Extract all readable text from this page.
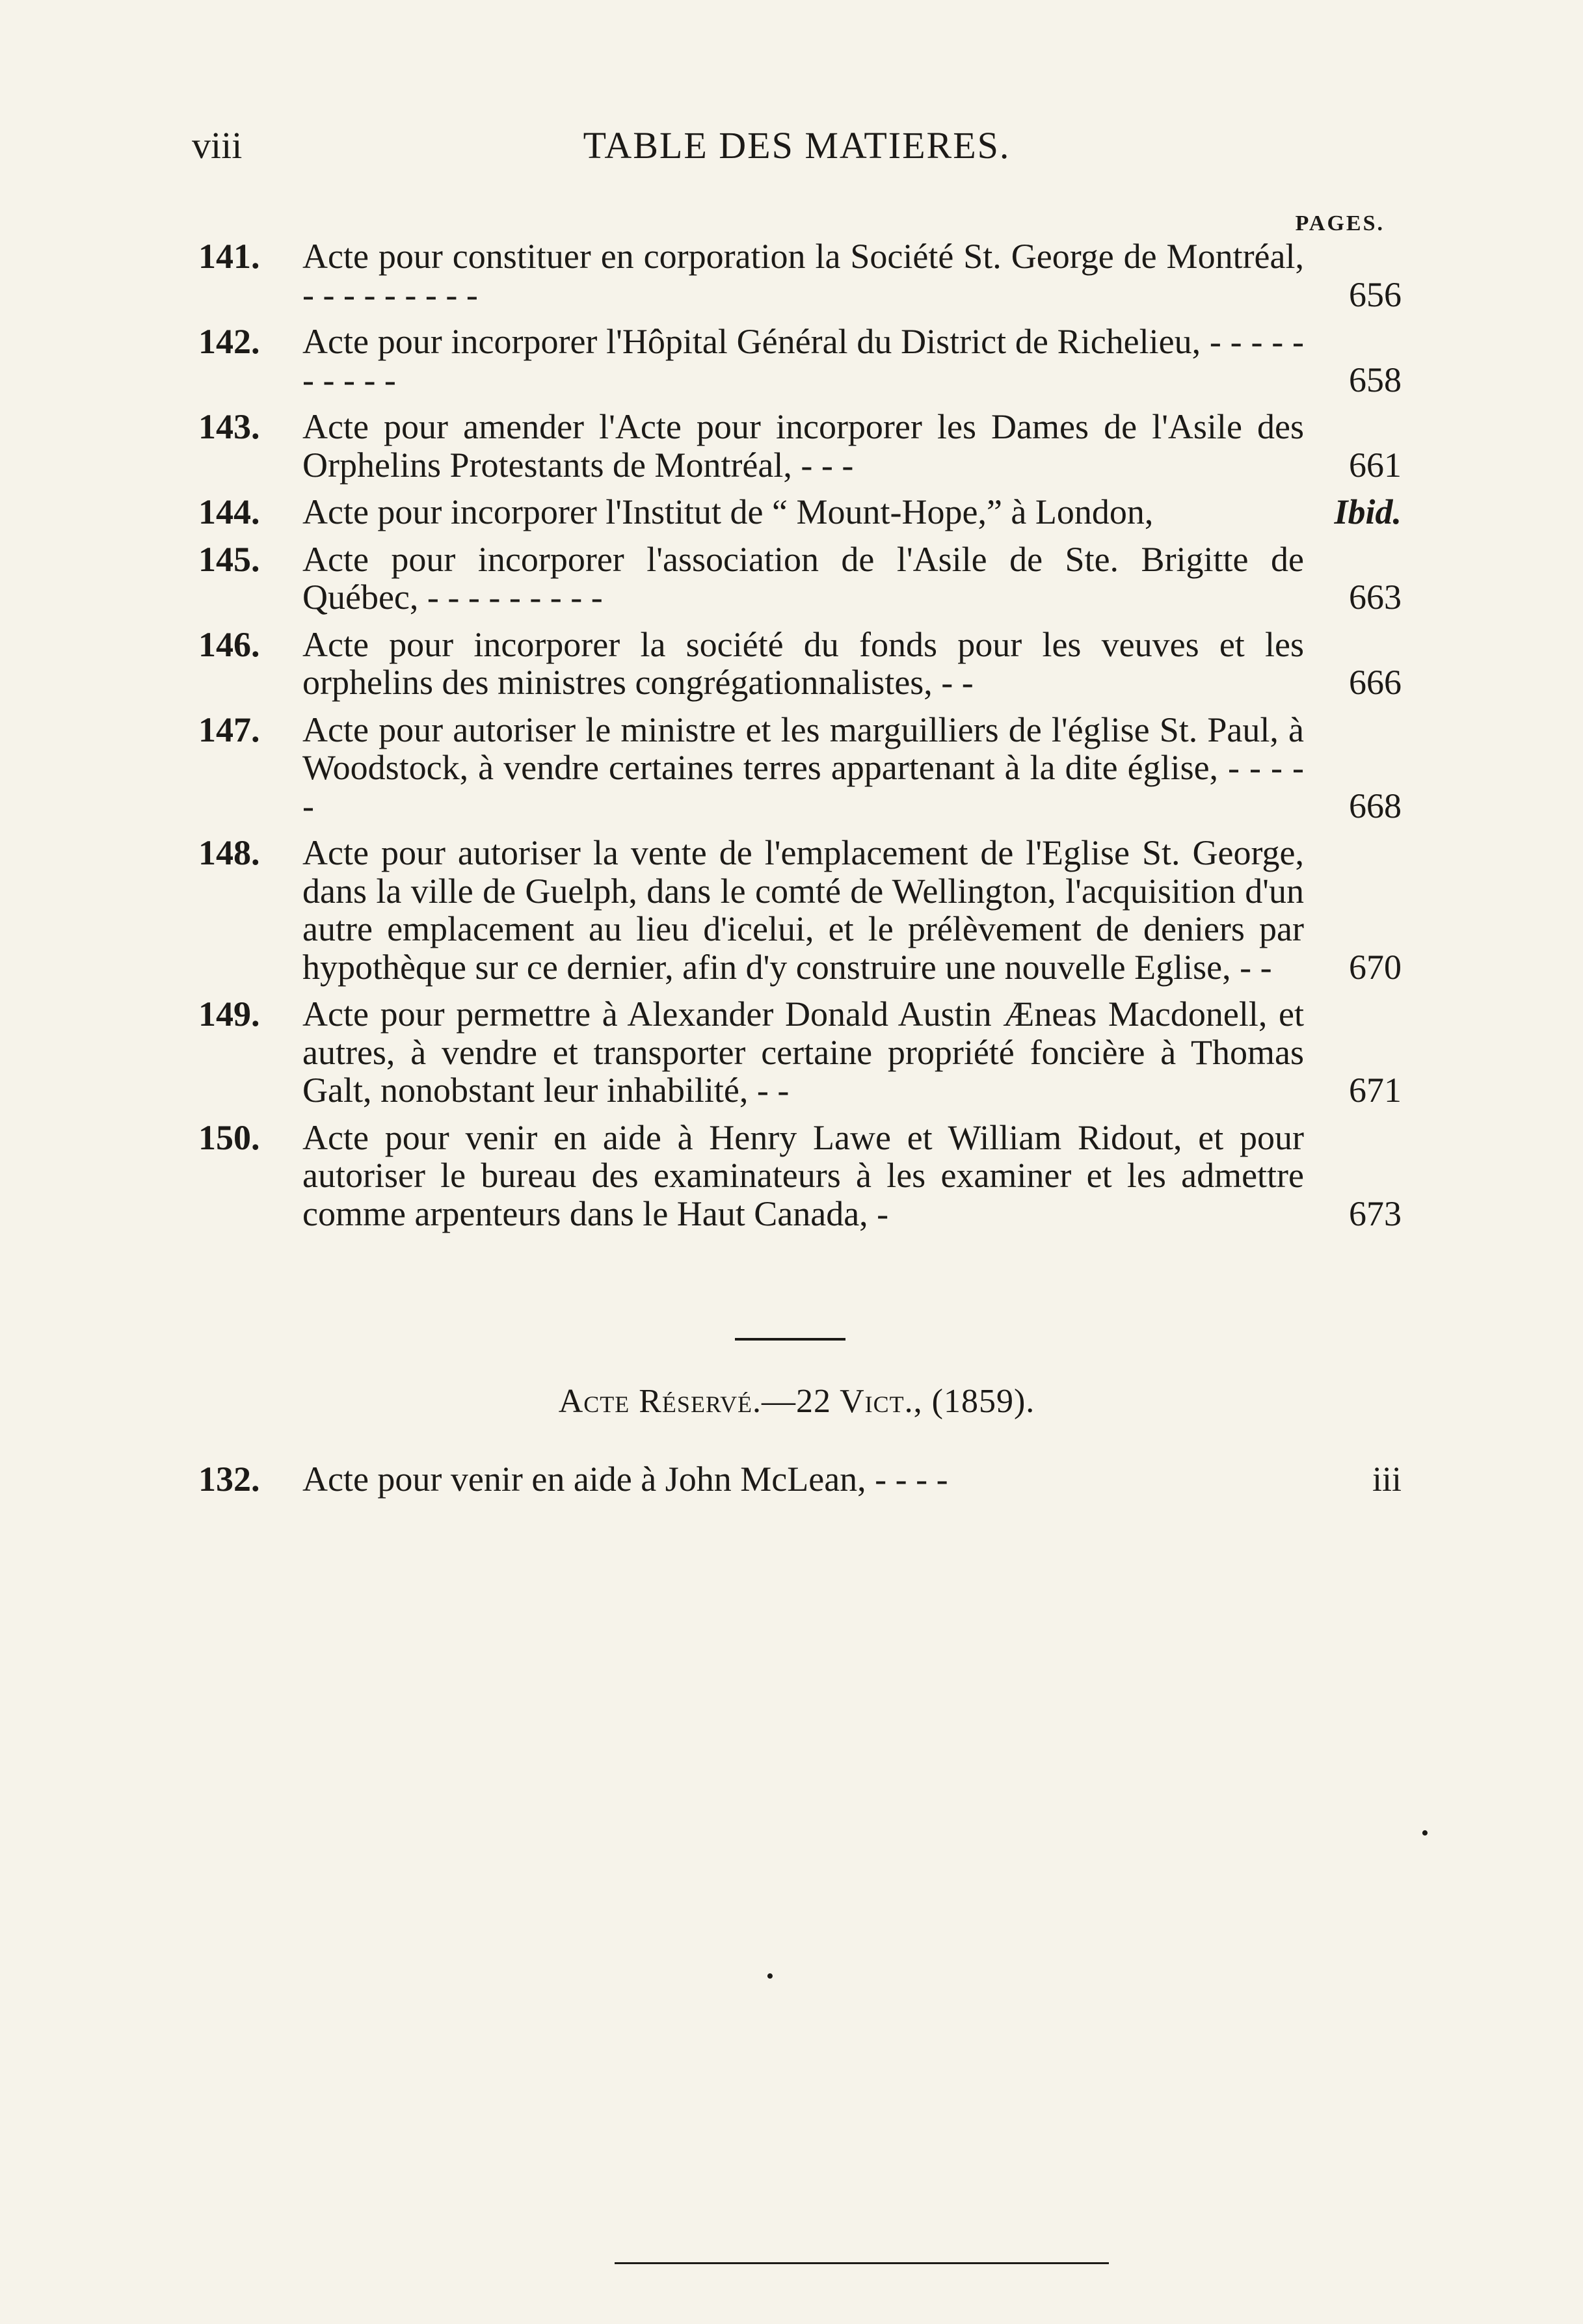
viii	TABLE DES MATIERES.
PAGES.
141. Acte pour constituer en corporation la Société St. George de Montréal, - - - - - - - - -	656
142. Acte pour incorporer l'Hôpital Général du District de Richelieu, - - - - - - - - - -	658
143. Acte pour amender l'Acte pour incorporer les Dames de l'Asile des Orphelins Protestants de Montréal, - - -	661
144. Acte pour incorporer l'Institut de “ Mount-Hope,” à London,	Ibid.
145. Acte pour incorporer l'association de l'Asile de Ste. Brigitte de Québec, - - - - - - - - -	663
146. Acte pour incorporer la société du fonds pour les veuves et les orphelins des ministres congrégationnalistes, - -	666
147. Acte pour autoriser le ministre et les marguilliers de l'église St. Paul, à Woodstock, à vendre certaines terres appartenant à la dite église, - - - - -	668
148. Acte pour autoriser la vente de l'emplacement de l'Eglise St. George, dans la ville de Guelph, dans le comté de Wellington, l'acquisition d'un autre emplacement au lieu d'icelui, et le prélèvement de deniers par hypothèque sur ce dernier, afin d'y construire une nouvelle Eglise, - -	670
149. Acte pour permettre à Alexander Donald Austin Æneas Macdonell, et autres, à vendre et transporter certaine propriété foncière à Thomas Galt, nonobstant leur inhabilité, - -	671
150. Acte pour venir en aide à Henry Lawe et William Ridout, et pour autoriser le bureau des examinateurs à les examiner et les admettre comme arpenteurs dans le Haut Canada, -	673
Acte Réservé.—22 Vict., (1859).
132. Acte pour venir en aide à John McLean, - - - -	iii
•
•
